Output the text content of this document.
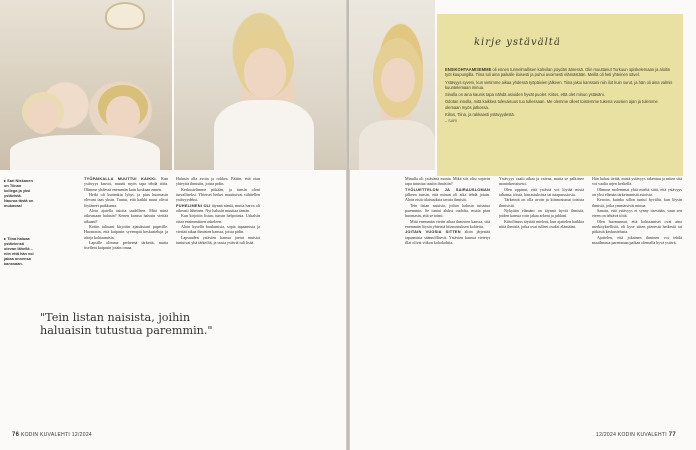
ENSIKOHTAAMISEMME oli ennen tunnelmallisen kahvilan pöydän ääressä. Olin muuttanut Turkuun opiskelemaan ja aloitin työt kaupungilla. Tiina tuli aina paikalle iloisesti ja puhui avoimesti elämästään. Meillä oli heti yhteinen sävel.

Ystävyys syveni, kun vietimme aikaa yhdessä työpäivien jälkeen. Tiina jakoi kanssani niin ilot kuin surut, ja hän oli aina valmis kuuntelemaan minua.

Sinulla on aina kaunis tapa nähdä asioiden hyvät puolet. Kiitos, että olet minun ystäväni.

Odotan innolla, mitä kaikkea tulevaisuus tuo tullessaan. Me olemme olleet toistemme tukena vuosien ajan ja tulemme olemaan myös jatkossa.

Kiitos, Tiina, ja rakkaasti ystävyydestä.

– SARI
kirje ystävältä
▸ Sari Niskanen on Tiinan kollega ja yksi ystävistä. Nauroa tästä on mukavaa!
▸ Tiina haluaa ystäviensä olevan lähellä – niin että hän voi jakaa onnensa kanssaan.

TYÖPAIKALLA MUUTTUI KAIKKI. Kun ystävyys kasvoi, muutti myös tapa tehdä töitä. Olimme yhdessä enemmän kuin koskaan ennen.

Hetki oli kuitenkin lyhyt, ja pian huomasin olevani taas yksin. Tuntui, että kaikki muut olivat löytäneet paikkansa.

Aloin ajatella asioita uudelleen. Mitä minä oikeastaan halusin? Kenen kanssa halusin viettää aikaani?

Kotiin tultuani kirjoitin ajatuksiani paperille. Huomasin, että kaipasin syvempiä keskusteluja ja aitoja kohtaamisia.

Lapsille olimme perheenä tärkeitä, mutta itselleni kaipasin jotain omaa.

Halusin olla avoin ja rohkea. Päätin, että otan yhteyttä ihmisiin, joista pidin.

Keskustelimme pitkään, ja tunsin oloni turvalliseksi. Yhteiset hetket muuttuivat vähitellen ystävyydeksi.

PUHELIMENI OLI täynnä nimiä, mutta harva oli oikeasti läheinen. Nyt halusin muuttaa tämän.

Kun kirjoitin listan, tunsin helpotusta. Uskalsin ottaa ensimmäisen askeleen.

Aloin kysellä kuulumisia, sopia tapaamisia ja viettää aikaa ihmisten kanssa, joista pidin.

Lapsuuden ystävien kanssa jaetut muistot tuntuivat yhä tärkeiltä, ja uusia ystäviä tuli lisää.

"Tein listan naisista, joihin haluaisin tutustua paremmin."

Minulla oli ystävänä monia. Mikä siis olisi sopivin tapa tutustua uusiin ihmisiin?

TYÖLUETTELON JA SAIRAUSLOMAN jälkeen tunsin, että minun oli aika tehdä jotain. Aloin etsiä tilaisuuksia tavata ihmisiä.

Tein listan naisista, joihin halusin tutustua paremmin. Se tuntui aluksi oudolta, mutta pian huomasin, että se toimi.

Mitä enemmän vietin aikaa ihmisten kanssa, sitä enemmän löysin yhteisiä kiinnostuksen kohteita.

JOITAIN VUOSIA SITTEN aloin järjestää tapaamisia säännöllisesti. Ystävien kanssa vietetyt illat olivat viikon kohokohtia.

Ystävyys vaatii aikaa ja vaivaa, mutta se palkitsee moninkertaisesti.

Olen oppinut, että ystäviä voi löytää mistä tahansa: töistä, harrastuksista tai naapurustosta.

Tärkeintä on olla avoin ja kiinnostunut toisista ihmisistä.

Nykyään elämäni on täynnä hyviä ihmisiä, joiden kanssa voin jakaa arkeni ja juhlani.

Kiitollisuus täyttää mieleni, kun ajattelen kaikkia niitä ihmisiä, jotka ovat tulleet osaksi elämääni.

Hän halusi tietää, mistä ystävyys rakentuu ja miten sitä voi vaalia arjen keskellä.

Olimme molemmat yhtä mieltä siitä, että ystävyys on yksi elämän tärkeimmistä asioista.

Kerroin, kuinka sillon tuntui hyvältä, kun löysin ihmisiä, jotka ymmärsivät minua.

Sanoin, että ystävyys ei synny itsestään, vaan sen eteen on tehtävä töitä.

Olen huomannut, että kohtaamiset ovat aina merkityksellisiä, oli kyse sitten pienestä hetkestä tai pitkästä keskustelusta.

Ajattelen, että jokainen ihminen voi tehdä maailmasta paremman paikan olemalla hyvä ystävä.

76 KODIN KUVALEHTI 12/2024	12/2024 KODIN KUVALEHTI 77
